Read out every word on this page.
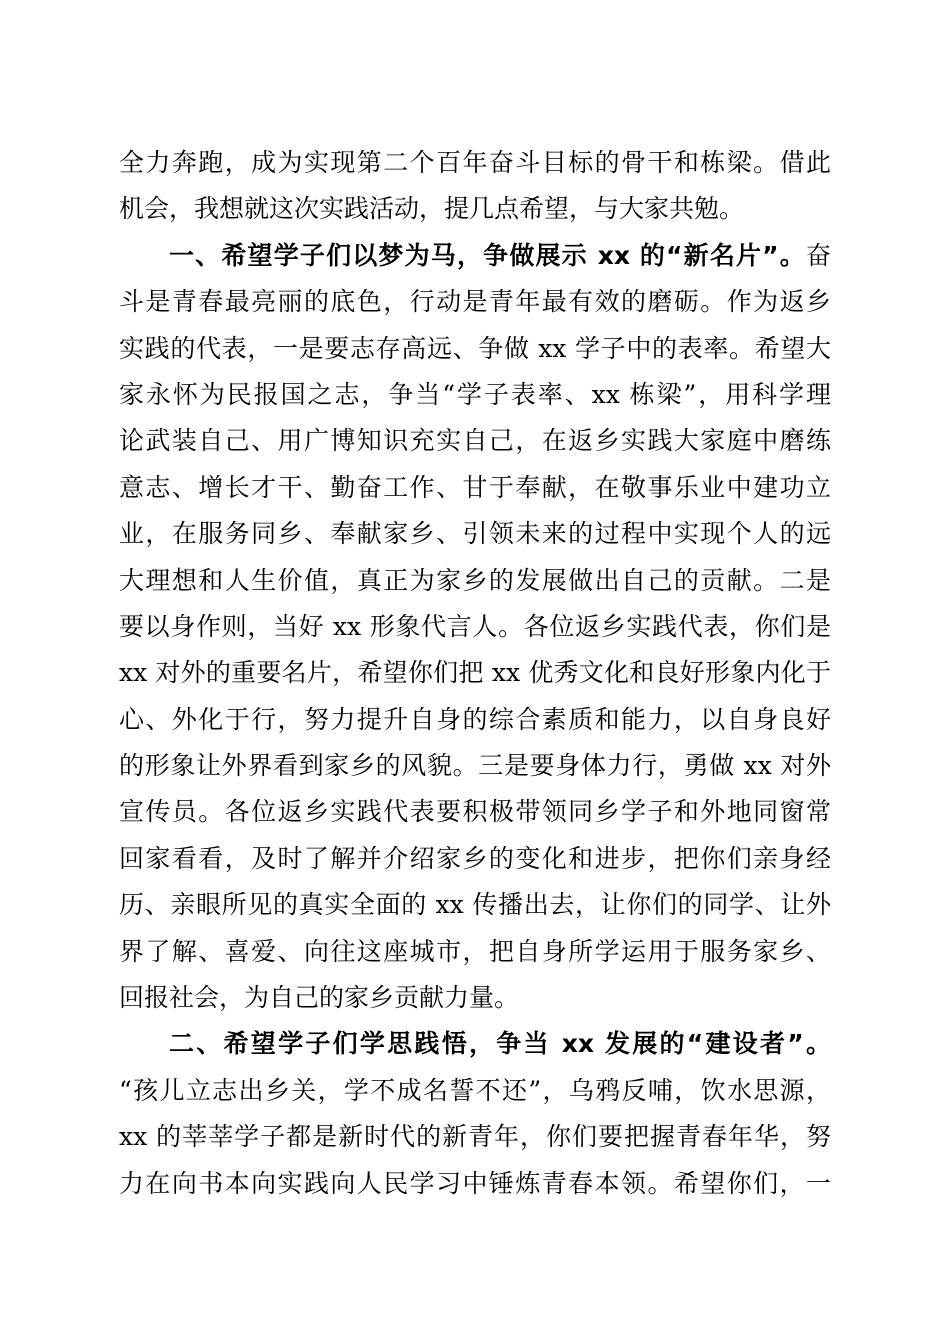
全力奔跑，成为实现第二个百年奋斗目标的骨干和栋梁。借此
机会，我想就这次实践活动，提几点希望，与大家共勉。
一、希望学子们以梦为马，争做展示 xx 的“新名片”。奋
斗是青春最亮丽的底色，行动是青年最有效的磨砺。作为返乡
实践的代表，一是要志存高远、争做 xx 学子中的表率。希望大
家永怀为民报国之志，争当“学子表率、xx 栋梁”，用科学理
论武装自己、用广博知识充实自己，在返乡实践大家庭中磨练
意志、增长才干、勤奋工作、甘于奉献，在敬事乐业中建功立
业，在服务同乡、奉献家乡、引领未来的过程中实现个人的远
大理想和人生价值，真正为家乡的发展做出自己的贡献。二是
要以身作则，当好 xx 形象代言人。各位返乡实践代表，你们是
xx 对外的重要名片，希望你们把 xx 优秀文化和良好形象内化于
心、外化于行，努力提升自身的综合素质和能力，以自身良好
的形象让外界看到家乡的风貌。三是要身体力行，勇做 xx 对外
宣传员。各位返乡实践代表要积极带领同乡学子和外地同窗常
回家看看，及时了解并介绍家乡的变化和进步，把你们亲身经
历、亲眼所见的真实全面的 xx 传播出去，让你们的同学、让外
界了解、喜爱、向往这座城市，把自身所学运用于服务家乡、
回报社会，为自己的家乡贡献力量。
二、希望学子们学思践悟，争当 xx 发展的“建设者”。
“孩儿立志出乡关，学不成名誓不还”，乌鸦反哺，饮水思源，
xx 的莘莘学子都是新时代的新青年，你们要把握青春年华，努
力在向书本向实践向人民学习中锤炼青春本领。希望你们，一
